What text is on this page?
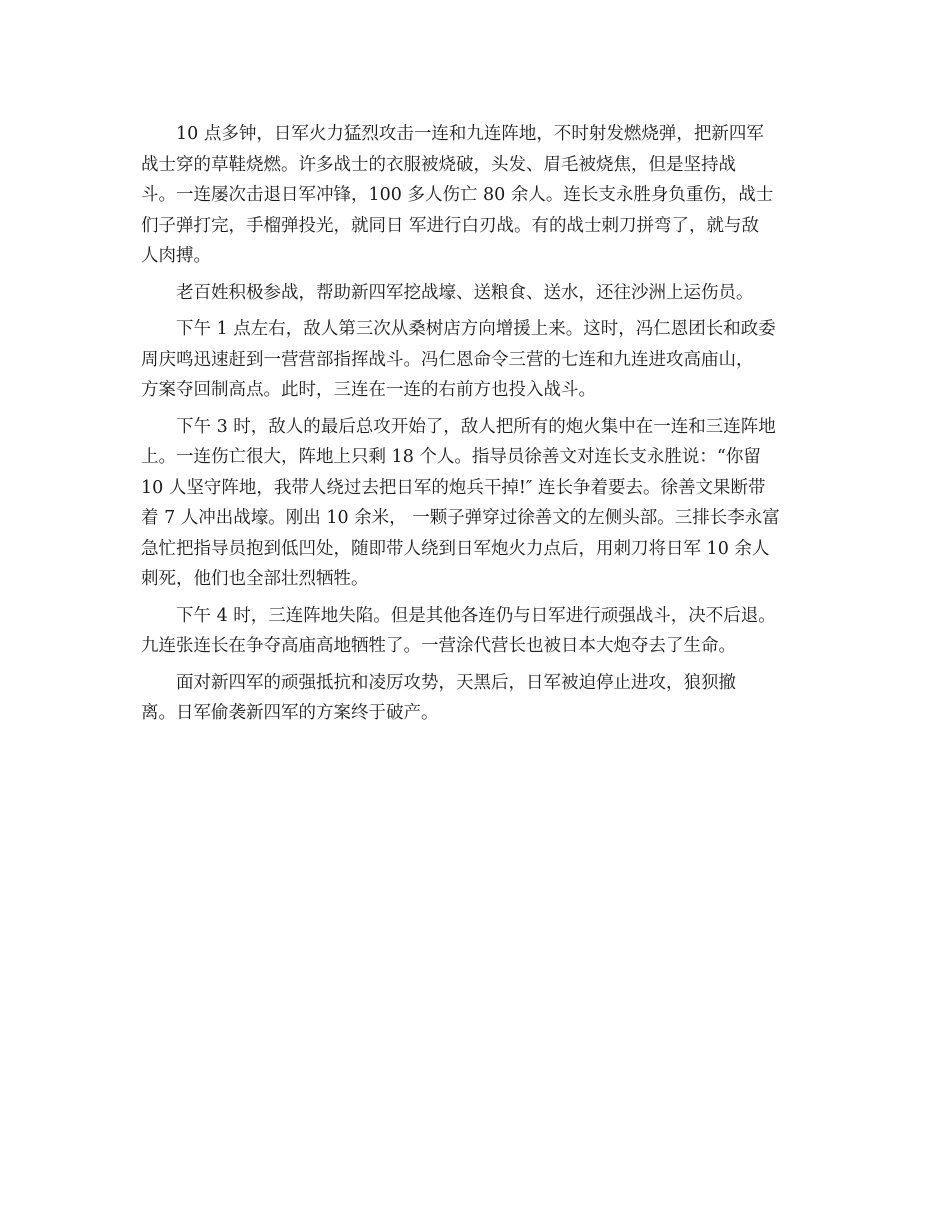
10 点多钟，日军火力猛烈攻击一连和九连阵地，不时射发燃烧弹，把新四军
战士穿的草鞋烧燃。许多战士的衣服被烧破，头发、眉毛被烧焦，但是坚持战
斗。一连屡次击退日军冲锋，100 多人伤亡 80 余人。连长支永胜身负重伤，战士
们子弹打完，手榴弹投光，就同日 军进行白刃战。有的战士刺刀拼弯了，就与敌
人肉搏。

老百姓积极参战，帮助新四军挖战壕、送粮食、送水，还往沙洲上运伤员。

下午 1 点左右，敌人第三次从桑树店方向增援上来。这时，冯仁恩团长和政委
周庆鸣迅速赶到一营营部指挥战斗。冯仁恩命令三营的七连和九连进攻高庙山，
方案夺回制高点。此时，三连在一连的右前方也投入战斗。

下午 3 时，敌人的最后总攻开始了，敌人把所有的炮火集中在一连和三连阵地
上。一连伤亡很大，阵地上只剩 18 个人。指导员徐善文对连长支永胜说：“你留
10 人坚守阵地，我带人绕过去把日军的炮兵干掉!″ 连长争着要去。徐善文果断带
着 7 人冲出战壕。刚出 10 余米， 一颗子弹穿过徐善文的左侧头部。三排长李永富
急忙把指导员抱到低凹处，随即带人绕到日军炮火力点后，用刺刀将日军 10 余人
刺死，他们也全部壮烈牺牲。

下午 4 时，三连阵地失陷。但是其他各连仍与日军进行顽强战斗，决不后退。
九连张连长在争夺高庙高地牺牲了。一营涂代营长也被日本大炮夺去了生命。

面对新四军的顽强抵抗和凌厉攻势，天黑后，日军被迫停止进攻，狼狈撤
离。日军偷袭新四军的方案终于破产。
